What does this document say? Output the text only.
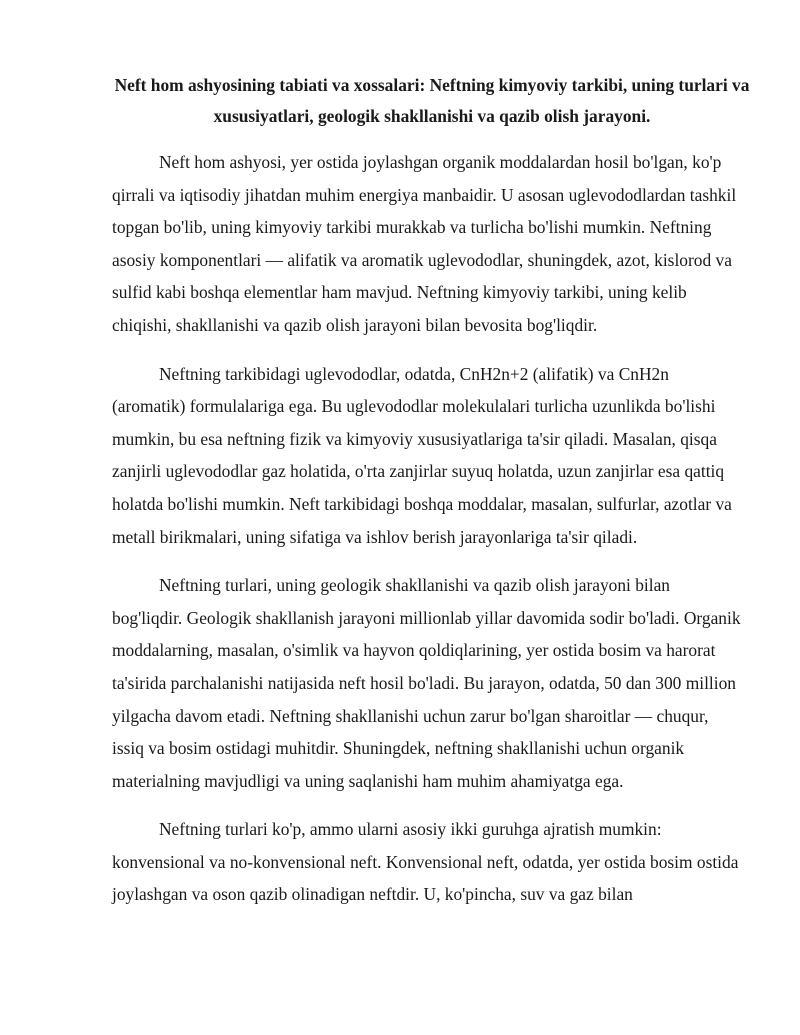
Neft hom ashyosining tabiati va xossalari: Neftning kimyoviy tarkibi, uning turlari va xususiyatlari, geologik shakllanishi va qazib olish jarayoni.

Neft hom ashyosi, yer ostida joylashgan organik moddalardan hosil bo'lgan, ko'p qirrali va iqtisodiy jihatdan muhim energiya manbaidir. U asosan uglevododlardan tashkil topgan bo'lib, uning kimyoviy tarkibi murakkab va turlicha bo'lishi mumkin. Neftning asosiy komponentlari — alifatik va aromatik uglevododlar, shuningdek, azot, kislorod va sulfid kabi boshqa elementlar ham mavjud. Neftning kimyoviy tarkibi, uning kelib chiqishi, shakllanishi va qazib olish jarayoni bilan bevosita bog'liqdir.

Neftning tarkibidagi uglevododlar, odatda, CnH2n+2 (alifatik) va CnH2n (aromatik) formulalariga ega. Bu uglevododlar molekulalari turlicha uzunlikda bo'lishi mumkin, bu esa neftning fizik va kimyoviy xususiyatlariga ta'sir qiladi. Masalan, qisqa zanjirli uglevododlar gaz holatida, o'rta zanjirlar suyuq holatda, uzun zanjirlar esa qattiq holatda bo'lishi mumkin. Neft tarkibidagi boshqa moddalar, masalan, sulfurlar, azotlar va metall birikmalari, uning sifatiga va ishlov berish jarayonlariga ta'sir qiladi.

Neftning turlari, uning geologik shakllanishi va qazib olish jarayoni bilan bog'liqdir. Geologik shakllanish jarayoni millionlab yillar davomida sodir bo'ladi. Organik moddalarning, masalan, o'simlik va hayvon qoldiqlarining, yer ostida bosim va harorat ta'sirida parchalanishi natijasida neft hosil bo'ladi. Bu jarayon, odatda, 50 dan 300 million yilgacha davom etadi. Neftning shakllanishi uchun zarur bo'lgan sharoitlar — chuqur, issiq va bosim ostidagi muhitdir. Shuningdek, neftning shakllanishi uchun organik materialning mavjudligi va uning saqlanishi ham muhim ahamiyatga ega.

Neftning turlari ko'p, ammo ularni asosiy ikki guruhga ajratish mumkin: konvensional va no-konvensional neft. Konvensional neft, odatda, yer ostida bosim ostida joylashgan va oson qazib olinadigan neftdir. U, ko'pincha, suv va gaz bilan
